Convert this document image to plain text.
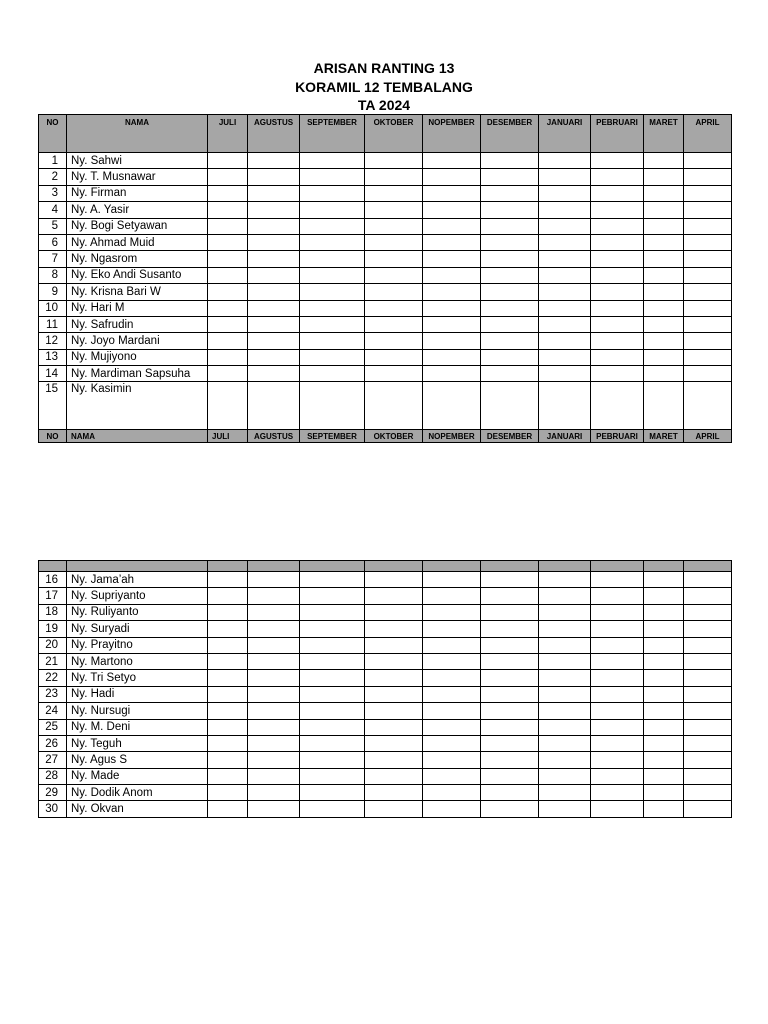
ARISAN RANTING 13
KORAMIL 12 TEMBALANG
TA 2024
NO	NAMA	JULI	AGUSTUS	SEPTEMBER	OKTOBER	NOPEMBER	DESEMBER	JANUARI	PEBRUARI	MARET	APRIL
1	Ny. Sahwi										
2	Ny. T. Musnawar										
3	Ny. Firman										
4	Ny. A. Yasir										
5	Ny. Bogi Setyawan										
6	Ny. Ahmad Muid										
7	Ny. Ngasrom										
8	Ny. Eko Andi Susanto										
9	Ny. Krisna Bari W										
10	Ny. Hari M										
11	Ny. Safrudin										
12	Ny. Joyo Mardani										
13	Ny. Mujiyono										
14	Ny. Mardiman Sapsuha										
15	Ny. Kasimin										
NO	NAMA	JULI	AGUSTUS	SEPTEMBER	OKTOBER	NOPEMBER	DESEMBER	JANUARI	PEBRUARI	MARET	APRIL

16	Ny. Jama’ah										
17	Ny. Supriyanto										
18	Ny. Ruliyanto										
19	Ny. Suryadi										
20	Ny. Prayitno										
21	Ny. Martono										
22	Ny. Tri Setyo										
23	Ny. Hadi										
24	Ny. Nursugi										
25	Ny. M. Deni										
26	Ny. Teguh										
27	Ny. Agus S										
28	Ny. Made										
29	Ny. Dodik Anom										
30	Ny. Okvan										
